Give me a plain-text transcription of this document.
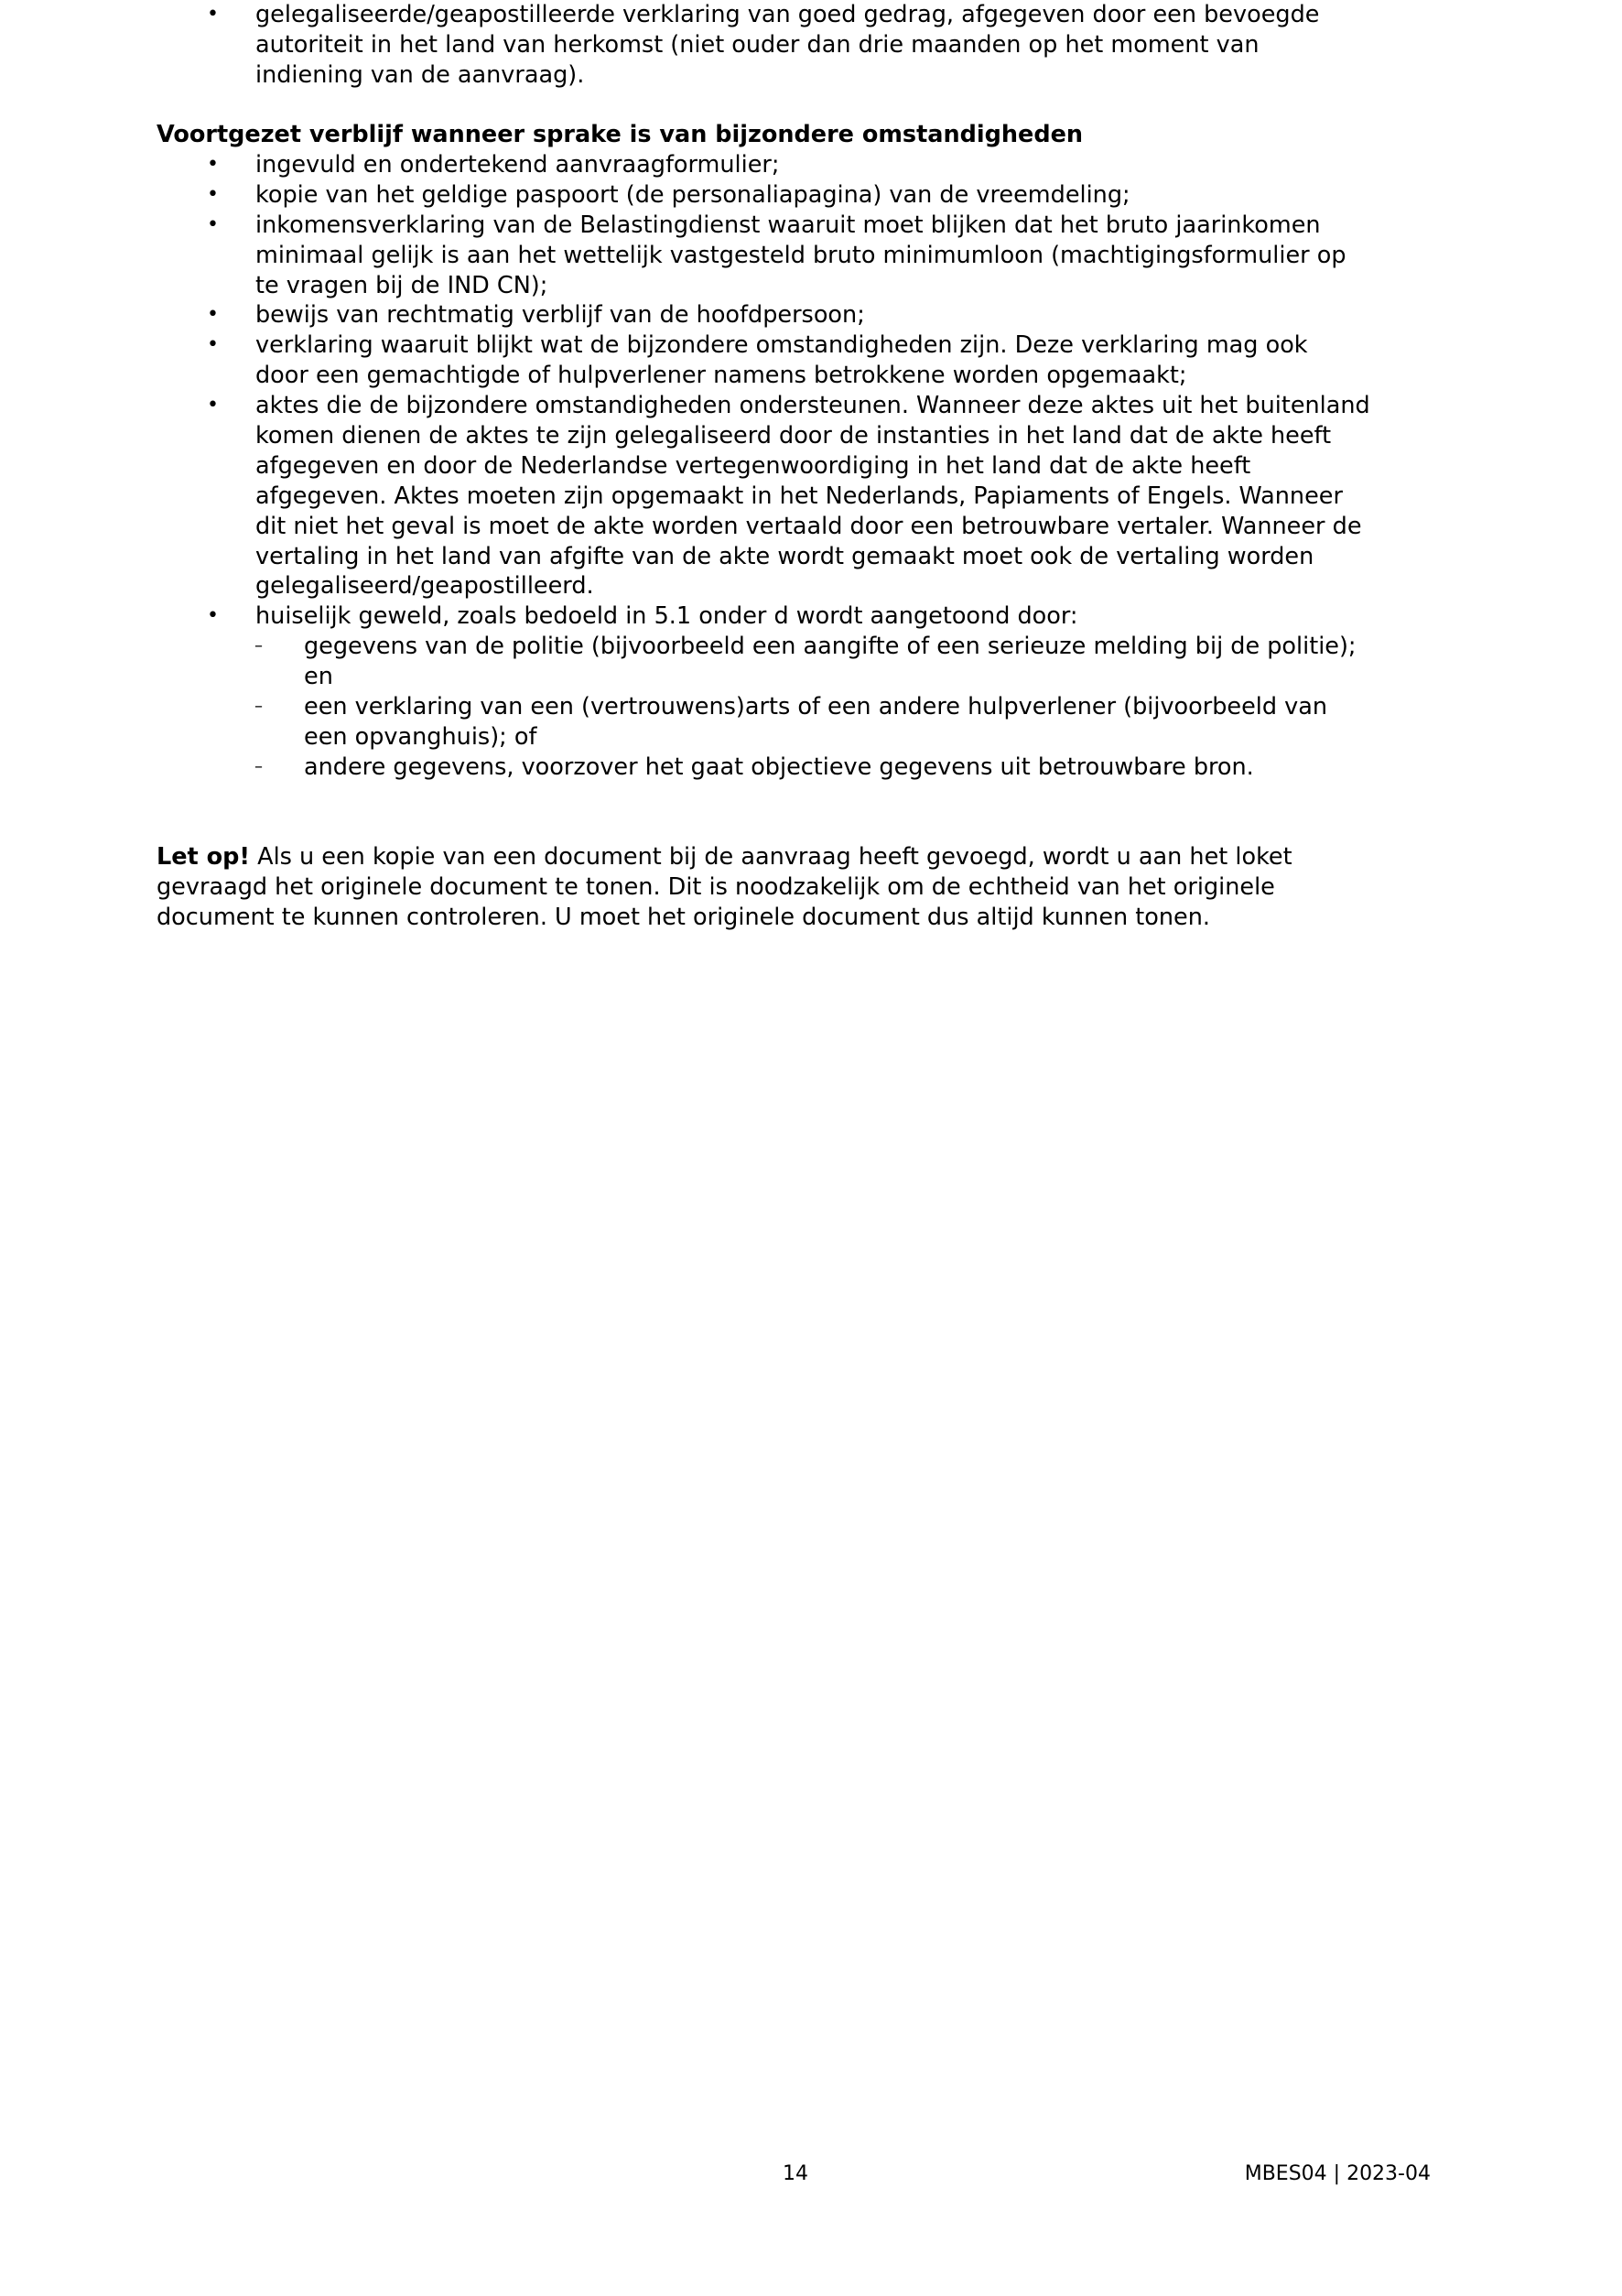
• gelegaliseerde/geapostilleerde verklaring van goed gedrag, afgegeven door een bevoegde
autoriteit in het land van herkomst (niet ouder dan drie maanden op het moment van
indiening van de aanvraag).
Voortgezet verblijf wanneer sprake is van bijzondere omstandigheden
• ingevuld en ondertekend aanvraagformulier;
• kopie van het geldige paspoort (de personaliapagina) van de vreemdeling;
• inkomensverklaring van de Belastingdienst waaruit moet blijken dat het bruto jaarinkomen
minimaal gelijk is aan het wettelijk vastgesteld bruto minimumloon (machtigingsformulier op
te vragen bij de IND CN);
• bewijs van rechtmatig verblijf van de hoofdpersoon;
• verklaring waaruit blijkt wat de bijzondere omstandigheden zijn. Deze verklaring mag ook
door een gemachtigde of hulpverlener namens betrokkene worden opgemaakt;
• aktes die de bijzondere omstandigheden ondersteunen. Wanneer deze aktes uit het buitenland
komen dienen de aktes te zijn gelegaliseerd door de instanties in het land dat de akte heeft
afgegeven en door de Nederlandse vertegenwoordiging in het land dat de akte heeft
afgegeven. Aktes moeten zijn opgemaakt in het Nederlands, Papiaments of Engels. Wanneer
dit niet het geval is moet de akte worden vertaald door een betrouwbare vertaler. Wanneer de
vertaling in het land van afgifte van de akte wordt gemaakt moet ook de vertaling worden
gelegaliseerd/geapostilleerd.
• huiselijk geweld, zoals bedoeld in 5.1 onder d wordt aangetoond door:
– gegevens van de politie (bijvoorbeeld een aangifte of een serieuze melding bij de politie);
en
– een verklaring van een (vertrouwens)arts of een andere hulpverlener (bijvoorbeeld van
een opvanghuis); of
– andere gegevens, voorzover het gaat objectieve gegevens uit betrouwbare bron.
Let op! Als u een kopie van een document bij de aanvraag heeft gevoegd, wordt u aan het loket
gevraagd het originele document te tonen. Dit is noodzakelijk om de echtheid van het originele
document te kunnen controleren. U moet het originele document dus altijd kunnen tonen.
14	MBES04 | 2023-04
